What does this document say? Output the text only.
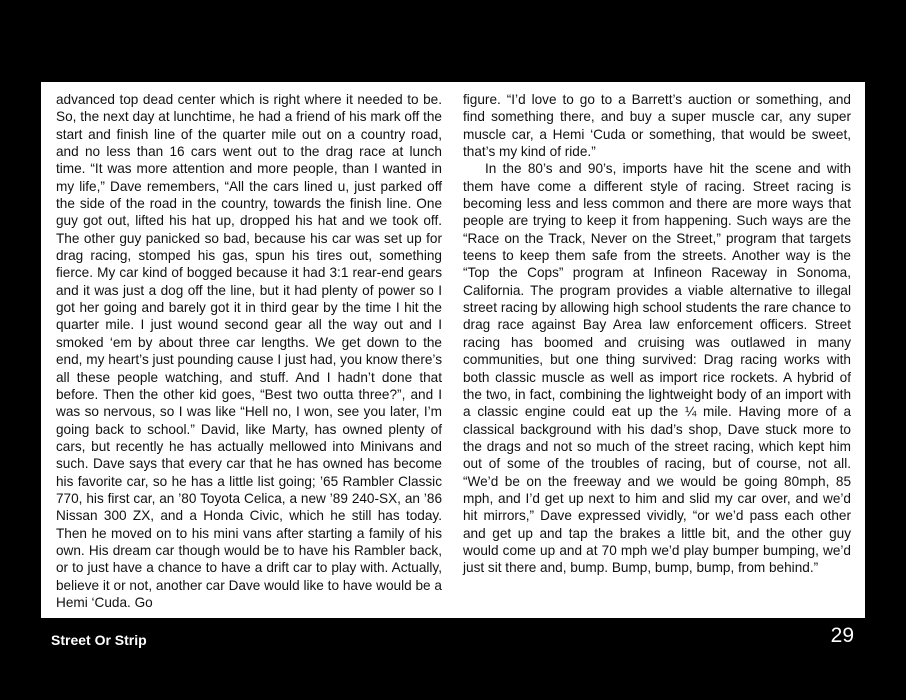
advanced top dead center which is right where it needed to be. So, the next day at lunchtime, he had a friend of his mark off the start and finish line of the quarter mile out on a country road, and no less than 16 cars went out to the drag race at lunch time. “It was more attention and more people, than I wanted in my life,” Dave remembers, “All the cars lined u, just parked off the side of the road in the country, towards the finish line. One guy got out, lifted his hat up, dropped his hat and we took off. The other guy panicked so bad, because his car was set up for drag racing, stomped his gas, spun his tires out, something fierce. My car kind of bogged because it had 3:1 rear-end gears and it was just a dog off the line, but it had plenty of power so I got her going and barely got it in third gear by the time I hit the quarter mile. I just wound second gear all the way out and I smoked ‘em by about three car lengths. We get down to the end, my heart’s just pounding cause I just had, you know there’s all these people watching, and stuff. And I hadn’t done that before. Then the other kid goes, “Best two outta three?”, and I was so nervous, so I was like “Hell no, I won, see you later, I’m going back to school.” David, like Marty, has owned plenty of cars, but recently he has actually mellowed into Minivans and such. Dave says that every car that he has owned has become his favorite car, so he has a little list going; ’65 Rambler Classic 770, his first car, an ’80 Toyota Celica, a new ’89 240-SX, an ’86 Nissan 300 ZX, and a Honda Civic, which he still has today. Then he moved on to his mini vans after starting a family of his own. His dream car though would be to have his Rambler back, or to just have a chance to have a drift car to play with. Actually, believe it or not, another car Dave would like to have would be a Hemi ‘Cuda. Go

figure. “I’d love to go to a Barrett’s auction or something, and find something there, and buy a super muscle car, any super muscle car, a Hemi ‘Cuda or something, that would be sweet, that’s my kind of ride.”

In the 80’s and 90’s, imports have hit the scene and with them have come a different style of racing. Street racing is becoming less and less common and there are more ways that people are trying to keep it from happening. Such ways are the “Race on the Track, Never on the Street,” program that targets teens to keep them safe from the streets. Another way is the “Top the Cops” program at Infineon Raceway in Sonoma, California. The program provides a viable alternative to illegal street racing by allowing high school students the rare chance to drag race against Bay Area law enforcement officers. Street racing has boomed and cruising was outlawed in many communities, but one thing survived: Drag racing works with both classic muscle as well as import rice rockets. A hybrid of the two, in fact, combining the lightweight body of an import with a classic engine could eat up the ¼ mile. Having more of a classical background with his dad’s shop, Dave stuck more to the drags and not so much of the street racing, which kept him out of some of the troubles of racing, but of course, not all. “We’d be on the freeway and we would be going 80mph, 85 mph, and I’d get up next to him and slid my car over, and we’d hit mirrors,” Dave expressed vividly, “or we’d pass each other and get up and tap the brakes a little bit, and the other guy would come up and at 70 mph we’d play bumper bumping, we’d just sit there and, bump. Bump, bump, bump, from behind.”

Street Or Strip	29
